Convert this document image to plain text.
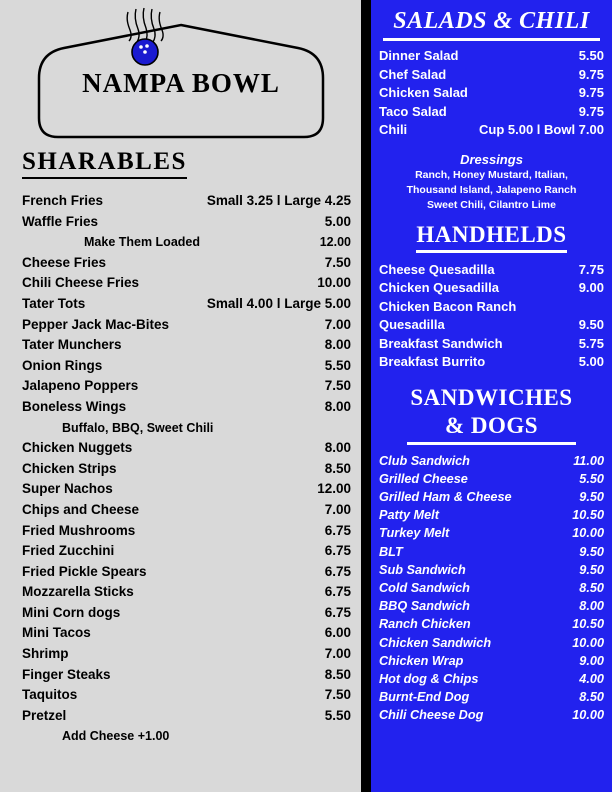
NAMPA BOWL
SHARABLES
French Fries	Small 3.25 l Large 4.25
Waffle Fries	5.00
Make Them Loaded	12.00
Cheese Fries	7.50
Chili Cheese Fries	10.00
Tater Tots	Small 4.00 l Large 5.00
Pepper Jack Mac-Bites	7.00
Tater Munchers	8.00
Onion Rings	5.50
Jalapeno Poppers	7.50
Boneless Wings	8.00
Buffalo, BBQ, Sweet Chili
Chicken Nuggets	8.00
Chicken Strips	8.50
Super Nachos	12.00
Chips and Cheese	7.00
Fried Mushrooms	6.75
Fried Zucchini	6.75
Fried Pickle Spears	6.75
Mozzarella Sticks	6.75
Mini Corn dogs	6.75
Mini Tacos	6.00
Shrimp	7.00
Finger Steaks	8.50
Taquitos	7.50
Pretzel	5.50
Add Cheese +1.00
SALADS & CHILI
Dinner Salad	5.50
Chef Salad	9.75
Chicken Salad	9.75
Taco Salad	9.75
Chili	Cup 5.00 l Bowl 7.00
Dressings
Ranch, Honey Mustard, Italian,
Thousand Island, Jalapeno Ranch
Sweet Chili, Cilantro Lime
HANDHELDS
Cheese Quesadilla	7.75
Chicken Quesadilla	9.00
Chicken Bacon Ranch
Quesadilla	9.50
Breakfast Sandwich	5.75
Breakfast Burrito	5.00
SANDWICHES
& DOGS
Club Sandwich	11.00
Grilled Cheese	5.50
Grilled Ham & Cheese	9.50
Patty Melt	10.50
Turkey Melt	10.00
BLT	9.50
Sub Sandwich	9.50
Cold Sandwich	8.50
BBQ Sandwich	8.00
Ranch Chicken	10.50
Chicken Sandwich	10.00
Chicken Wrap	9.00
Hot dog & Chips	4.00
Burnt-End Dog	8.50
Chili Cheese Dog	10.00
